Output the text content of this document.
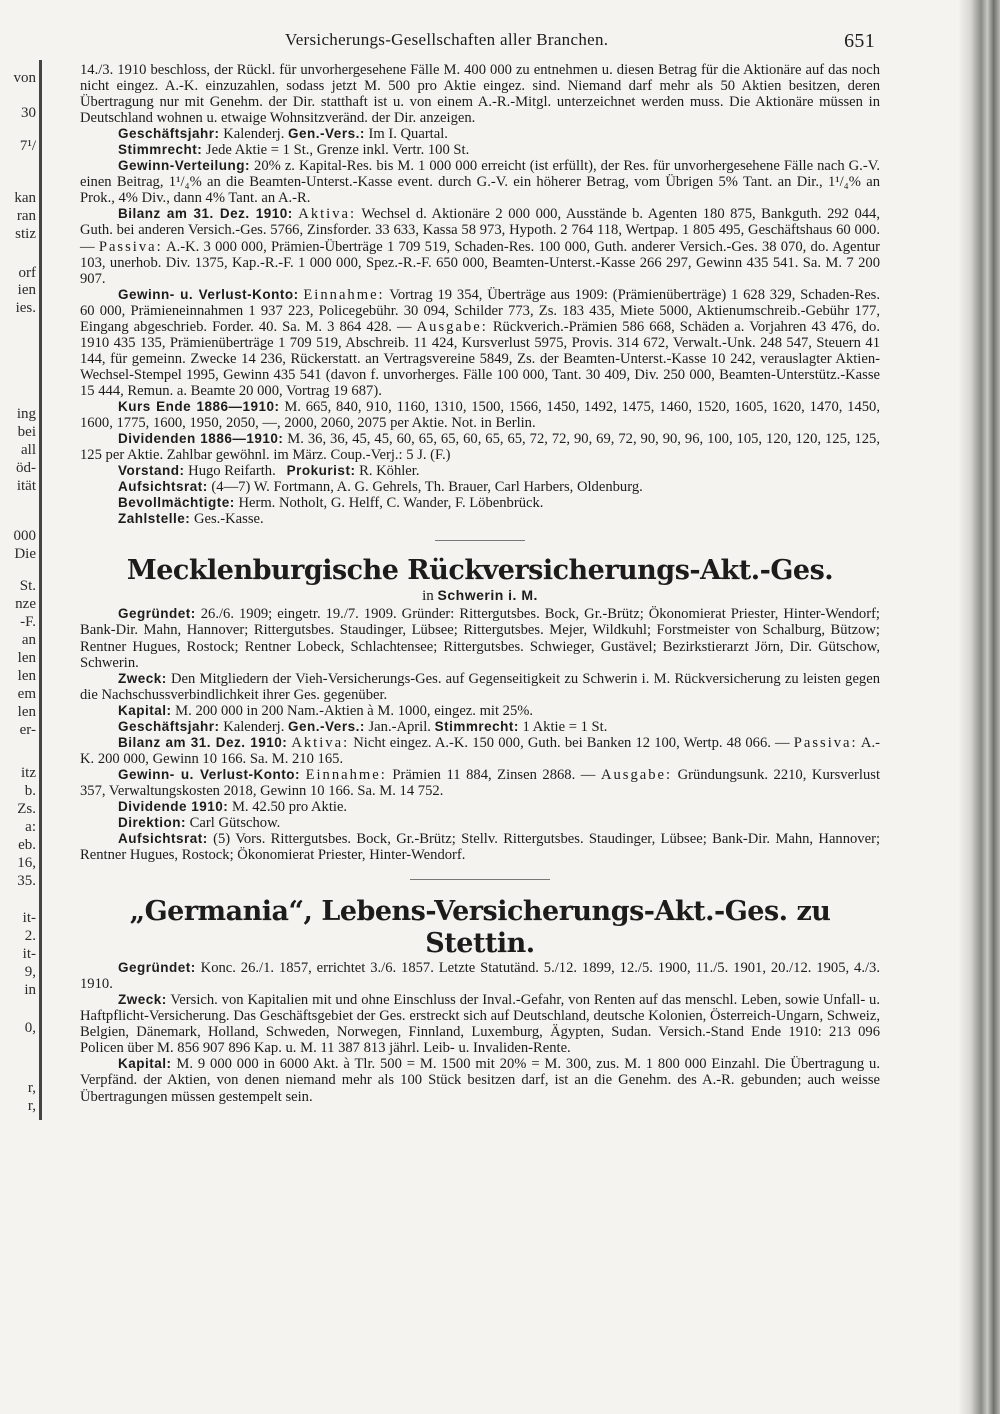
von
30
7¹/
kan
ran
stiz
orf
ien
ies.
ing
bei
all
öd-
ität
000
Die
St.
nze
-F.
an
len
len
em
len
er-
itz
b.
Zs.
a:
eb.
16,
35.
it-
2.
it-
9,
in
0,
r,
r,
Versicherungs-Gesellschaften aller Branchen.	651

14./3. 1910 beschloss, der Rückl. für unvorhergesehene Fälle M. 400 000 zu entnehmen u. diesen Betrag für die Aktionäre auf das noch nicht eingez. A.-K. einzuzahlen, sodass jetzt M. 500 pro Aktie eingez. sind. Niemand darf mehr als 50 Aktien besitzen, deren Übertragung nur mit Genehm. der Dir. statthaft ist u. von einem A.-R.-Mitgl. unterzeichnet werden muss. Die Aktionäre müssen in Deutschland wohnen u. etwaige Wohnsitzveränd. der Dir. anzeigen.

Geschäftsjahr: Kalenderj. Gen.-Vers.: Im I. Quartal.

Stimmrecht: Jede Aktie = 1 St., Grenze inkl. Vertr. 100 St.

Gewinn-Verteilung: 20% z. Kapital-Res. bis M. 1 000 000 erreicht (ist erfüllt), der Res. für unvorhergesehene Fälle nach G.-V. einen Beitrag, 1¹/₄% an die Beamten-Unterst.-Kasse event. durch G.-V. ein höherer Betrag, vom Übrigen 5% Tant. an Dir., 1¹/₄% an Prok., 4% Div., dann 4% Tant. an A.-R.

Bilanz am 31. Dez. 1910: Aktiva: Wechsel d. Aktionäre 2 000 000, Ausstände b. Agenten 180 875, Bankguth. 292 044, Guth. bei anderen Versich.-Ges. 5766, Zinsforder. 33 633, Kassa 58 973, Hypoth. 2 764 118, Wertpap. 1 805 495, Geschäftshaus 60 000. — Passiva: A.-K. 3 000 000, Prämien-Überträge 1 709 519, Schaden-Res. 100 000, Guth. anderer Versich.-Ges. 38 070, do. Agentur 103, unerhob. Div. 1375, Kap.-R.-F. 1 000 000, Spez.-R.-F. 650 000, Beamten-Unterst.-Kasse 266 297, Gewinn 435 541. Sa. M. 7 200 907.

Gewinn- u. Verlust-Konto: Einnahme: Vortrag 19 354, Überträge aus 1909: (Prämienüberträge) 1 628 329, Schaden-Res. 60 000, Prämieneinnahmen 1 937 223, Policegebühr. 30 094, Schilder 773, Zs. 183 435, Miete 5000, Aktienumschreib.-Gebühr 177, Eingang abgeschrieb. Forder. 40. Sa. M. 3 864 428. — Ausgabe: Rückverich.-Prämien 586 668, Schäden a. Vorjahren 43 476, do. 1910 435 135, Prämienüberträge 1 709 519, Abschreib. 11 424, Kursverlust 5975, Provis. 314 672, Verwalt.-Unk. 248 547, Steuern 41 144, für gemeinn. Zwecke 14 236, Rückerstatt. an Vertragsvereine 5849, Zs. der Beamten-Unterst.-Kasse 10 242, verauslagter Aktien-Wechsel-Stempel 1995, Gewinn 435 541 (davon f. unvorherges. Fälle 100 000, Tant. 30 409, Div. 250 000, Beamten-Unterstütz.-Kasse 15 444, Remun. a. Beamte 20 000, Vortrag 19 687).

Kurs Ende 1886—1910: M. 665, 840, 910, 1160, 1310, 1500, 1566, 1450, 1492, 1475, 1460, 1520, 1605, 1620, 1470, 1450, 1600, 1775, 1600, 1950, 2050, —, 2000, 2060, 2075 per Aktie. Not. in Berlin.

Dividenden 1886—1910: M. 36, 36, 45, 45, 60, 65, 65, 60, 65, 65, 72, 72, 90, 69, 72, 90, 90, 96, 100, 105, 120, 120, 125, 125, 125 per Aktie. Zahlbar gewöhnl. im März. Coup.-Verj.: 5 J. (F.)

Vorstand: Hugo Reifarth. Prokurist: R. Köhler.

Aufsichtsrat: (4—7) W. Fortmann, A. G. Gehrels, Th. Brauer, Carl Harbers, Oldenburg.

Bevollmächtigte: Herm. Notholt, G. Helff, C. Wander, F. Löbenbrück.

Zahlstelle: Ges.-Kasse.

Mecklenburgische Rückversicherungs-Akt.-Ges.

in Schwerin i. M.

Gegründet: 26./6. 1909; eingetr. 19./7. 1909. Gründer: Rittergutsbes. Bock, Gr.-Brütz; Ökonomierat Priester, Hinter-Wendorf; Bank-Dir. Mahn, Hannover; Rittergutsbes. Staudinger, Lübsee; Rittergutsbes. Mejer, Wildkuhl; Forstmeister von Schalburg, Bützow; Rentner Hugues, Rostock; Rentner Lobeck, Schlachtensee; Rittergutsbes. Schwieger, Gustävel; Bezirkstierarzt Jörn, Dir. Gütschow, Schwerin.

Zweck: Den Mitgliedern der Vieh-Versicherungs-Ges. auf Gegenseitigkeit zu Schwerin i. M. Rückversicherung zu leisten gegen die Nachschussverbindlichkeit ihrer Ges. gegenüber.

Kapital: M. 200 000 in 200 Nam.-Aktien à M. 1000, eingez. mit 25%.

Geschäftsjahr: Kalenderj. Gen.-Vers.: Jan.-April. Stimmrecht: 1 Aktie = 1 St.

Bilanz am 31. Dez. 1910: Aktiva: Nicht eingez. A.-K. 150 000, Guth. bei Banken 12 100, Wertp. 48 066. — Passiva: A.-K. 200 000, Gewinn 10 166. Sa. M. 210 165.

Gewinn- u. Verlust-Konto: Einnahme: Prämien 11 884, Zinsen 2868. — Ausgabe: Gründungsunk. 2210, Kursverlust 357, Verwaltungskosten 2018, Gewinn 10 166. Sa. M. 14 752.

Dividende 1910: M. 42.50 pro Aktie.

Direktion: Carl Gütschow.

Aufsichtsrat: (5) Vors. Rittergutsbes. Bock, Gr.-Brütz; Stellv. Rittergutsbes. Staudinger, Lübsee; Bank-Dir. Mahn, Hannover; Rentner Hugues, Rostock; Ökonomierat Priester, Hinter-Wendorf.

„Germania“, Lebens-Versicherungs-Akt.-Ges. zu Stettin.

Gegründet: Konc. 26./1. 1857, errichtet 3./6. 1857. Letzte Statutänd. 5./12. 1899, 12./5. 1900, 11./5. 1901, 20./12. 1905, 4./3. 1910.

Zweck: Versich. von Kapitalien mit und ohne Einschluss der Inval.-Gefahr, von Renten auf das menschl. Leben, sowie Unfall- u. Haftpflicht-Versicherung. Das Geschäftsgebiet der Ges. erstreckt sich auf Deutschland, deutsche Kolonien, Österreich-Ungarn, Schweiz, Belgien, Dänemark, Holland, Schweden, Norwegen, Finnland, Luxemburg, Ägypten, Sudan. Versich.-Stand Ende 1910: 213 096 Policen über M. 856 907 896 Kap. u. M. 11 387 813 jährl. Leib- u. Invaliden-Rente.

Kapital: M. 9 000 000 in 6000 Akt. à Tlr. 500 = M. 1500 mit 20% = M. 300, zus. M. 1 800 000 Einzahl. Die Übertragung u. Verpfänd. der Aktien, von denen niemand mehr als 100 Stück besitzen darf, ist an die Genehm. des A.-R. gebunden; auch weisse Übertragungen müssen gestempelt sein.
